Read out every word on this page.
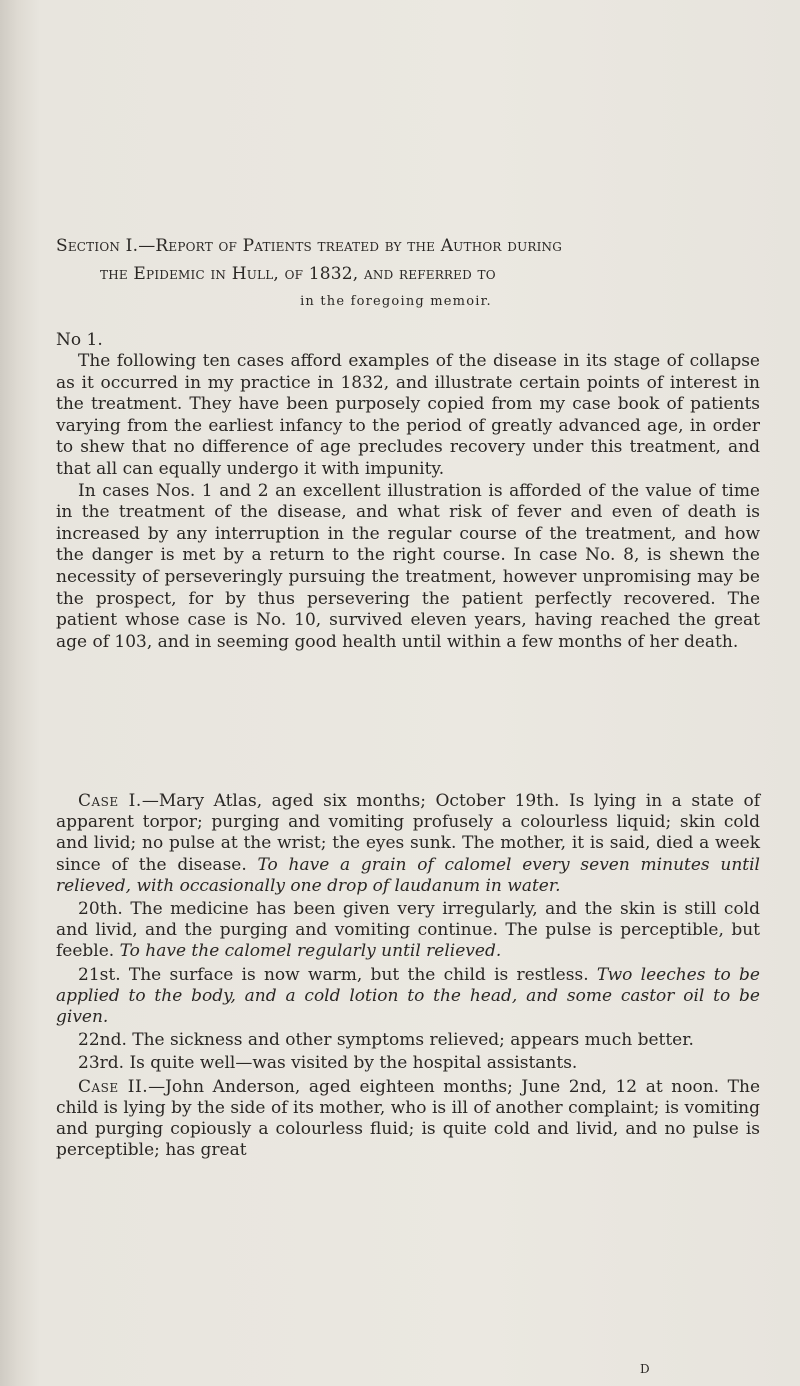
Section I.—Report of Patients treated by the Author during
the Epidemic in Hull, of 1832, and referred to
in the foregoing memoir.
No 1.

The following ten cases afford examples of the disease in its stage of collapse as it occurred in my practice in 1832, and illustrate certain points of interest in the treatment. They have been purposely copied from my case book of patients varying from the earliest infancy to the period of greatly advanced age, in order to shew that no difference of age precludes recovery under this treatment, and that all can equally undergo it with impunity.

In cases Nos. 1 and 2 an excellent illustration is afforded of the value of time in the treatment of the disease, and what risk of fever and even of death is increased by any interruption in the regular course of the treatment, and how the danger is met by a return to the right course. In case No. 8, is shewn the necessity of perseveringly pursuing the treatment, however unpromising may be the prospect, for by thus persevering the patient perfectly recovered. The patient whose case is No. 10, survived eleven years, having reached the great age of 103, and in seeming good health until within a few months of her death.

Case I.—Mary Atlas, aged six months; October 19th. Is lying in a state of apparent torpor; purging and vomiting profusely a colourless liquid; skin cold and livid; no pulse at the wrist; the eyes sunk. The mother, it is said, died a week since of the disease. To have a grain of calomel every seven minutes until relieved, with occasionally one drop of laudanum in water.

20th. The medicine has been given very irregularly, and the skin is still cold and livid, and the purging and vomiting continue. The pulse is perceptible, but feeble. To have the calomel regularly until relieved.

21st. The surface is now warm, but the child is restless. Two leeches to be applied to the body, and a cold lotion to the head, and some castor oil to be given.

22nd. The sickness and other symptoms relieved; appears much better.

23rd. Is quite well—was visited by the hospital assistants.

Case II.—John Anderson, aged eighteen months; June 2nd, 12 at noon. The child is lying by the side of its mother, who is ill of another complaint; is vomiting and purging copiously a colourless fluid; is quite cold and livid, and no pulse is perceptible; has great

D
